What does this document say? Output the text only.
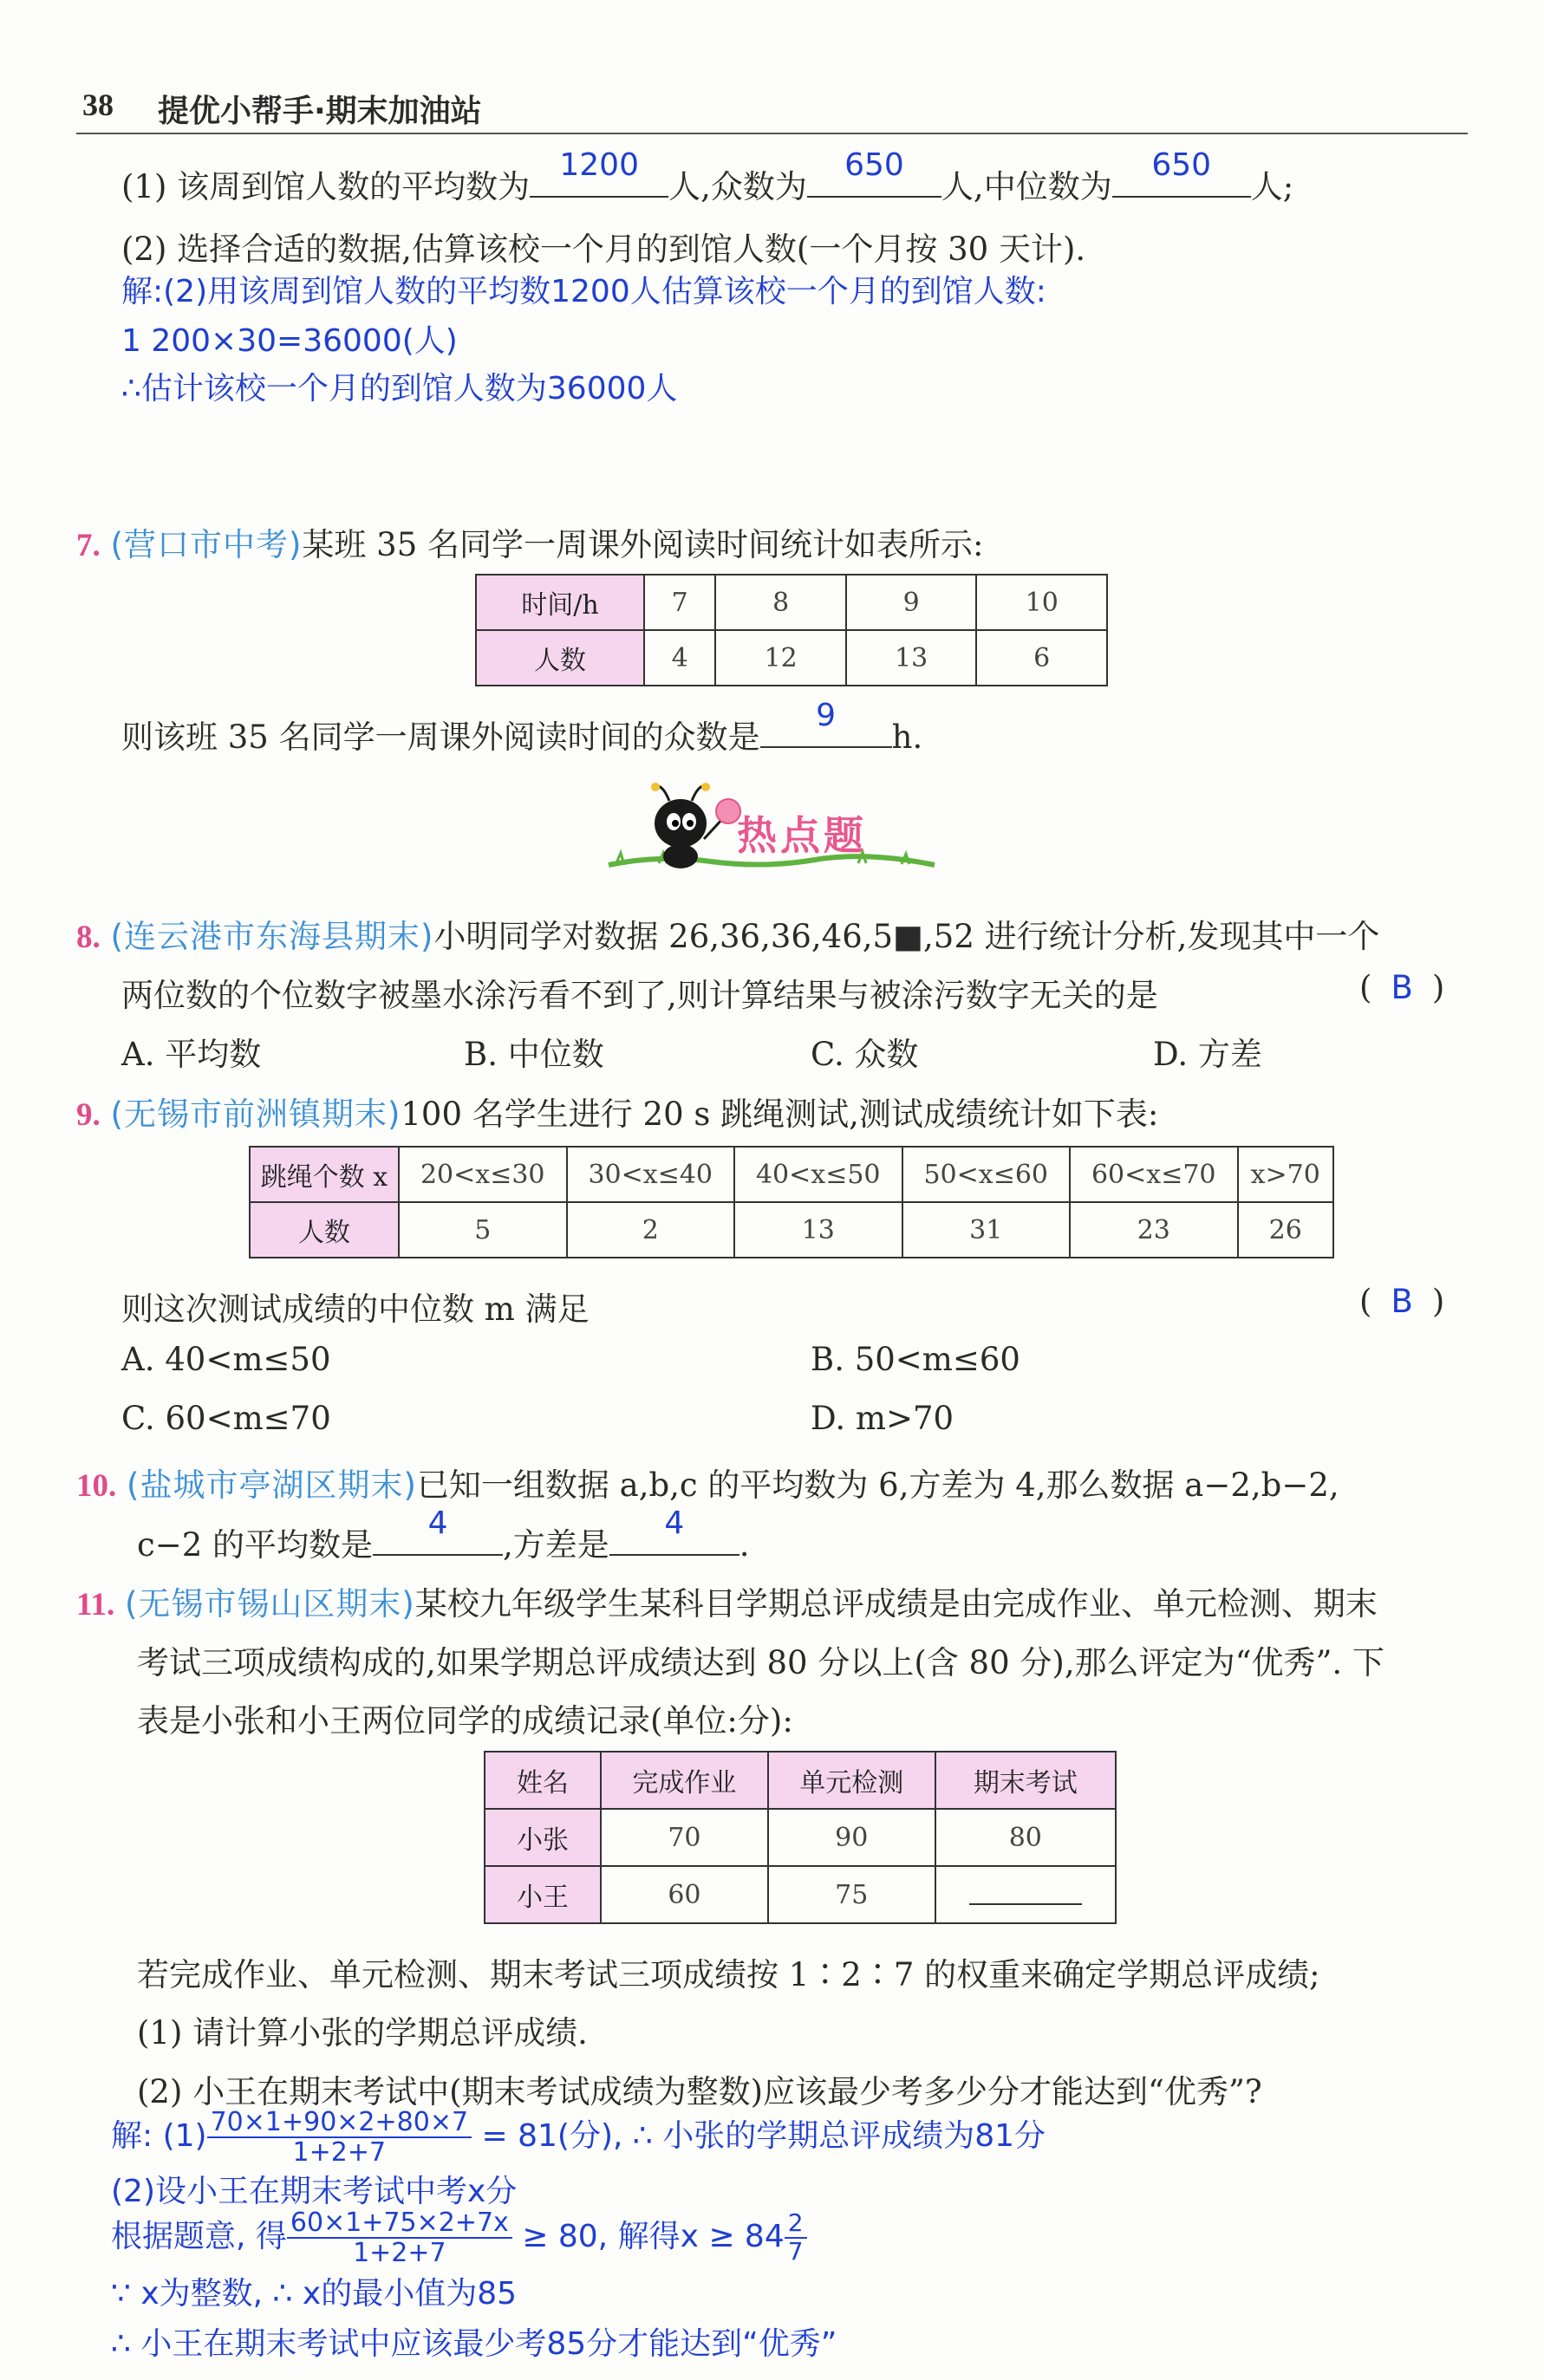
38 提优小帮手·期末加油站
(1) 该周到馆人数的平均数为
1200
人,众数为
650
人,中位数为
650
人;
(2) 选择合适的数据,估算该校一个月的到馆人数(一个月按 30 天计).
解:(2)用该周到馆人数的平均数1200人估算该校一个月的到馆人数:
1 200×30=36000(人)
∴估计该校一个月的到馆人数为36000人
7. (营口市中考)某班 35 名同学一周课外阅读时间统计如表所示:
时间/h	7	8	9	10
人数	4	12	13	6
则该班 35 名同学一周课外阅读时间的众数是
9
h.
热点题
8. (连云港市东海县期末)小明同学对数据 26,36,36,46,5■,52 进行统计分析,发现其中一个
两位数的个位数字被墨水涂污看不到了,则计算结果与被涂污数字无关的是	( B )
A. 平均数	B. 中位数	C. 众数	D. 方差
9. (无锡市前洲镇期末)100 名学生进行 20 s 跳绳测试,测试成绩统计如下表:
跳绳个数 x	20<x≤30	30<x≤40	40<x≤50	50<x≤60	60<x≤70	x>70
人数	5	2	13	31	23	26
则这次测试成绩的中位数 m 满足	( B )
A. 40<m≤50	B. 50<m≤60
C. 60<m≤70	D. m>70
10. (盐城市亭湖区期末)已知一组数据 a,b,c 的平均数为 6,方差为 4,那么数据 a−2,b−2,
c−2 的平均数是
4
,方差是
4
.
11. (无锡市锡山区期末)某校九年级学生某科目学期总评成绩是由完成作业、单元检测、期末
考试三项成绩构成的,如果学期总评成绩达到 80 分以上(含 80 分),那么评定为“优秀”. 下
表是小张和小王两位同学的成绩记录(单位:分):
姓名	完成作业	单元检测	期末考试
小张	70	90	80
小王	60	75	
若完成作业、单元检测、期末考试三项成绩按 1∶2∶7 的权重来确定学期总评成绩;
(1) 请计算小张的学期总评成绩.
(2) 小王在期末考试中(期末考试成绩为整数)应该最少考多少分才能达到“优秀”?
解: $(1) \frac{70\times 1+90\times 2+80\times 7}{1+2+7} = 81$(分), ∴ 小张的学期总评成绩为81分
(2)设小王在期末考试中考x分
根据题意, 得 $\frac{60\times 1+75\times 2+7x}{1+2+7} \ge 80$, 解得$x \ge 84 \frac{2}{7}$
∵ x为整数, ∴ x的最小值为85
∴ 小王在期末考试中应该最少考85分才能达到“优秀”
